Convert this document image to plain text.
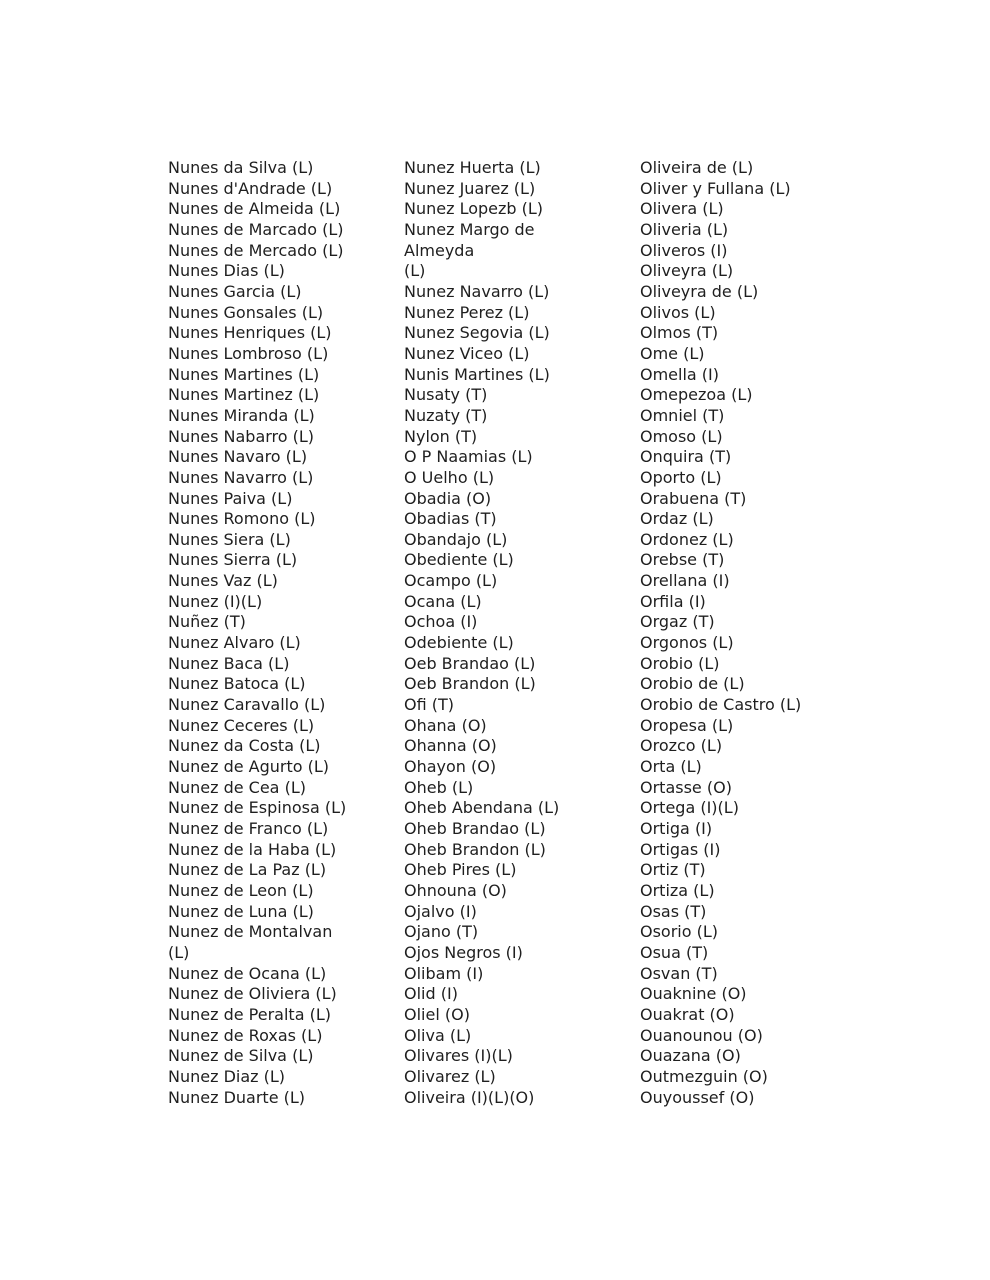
Nunes da Silva (L)
Nunes d'Andrade (L)
Nunes de Almeida (L)
Nunes de Marcado (L)
Nunes de Mercado (L)
Nunes Dias (L)
Nunes Garcia (L)
Nunes Gonsales (L)
Nunes Henriques (L)
Nunes Lombroso (L)
Nunes Martines (L)
Nunes Martinez (L)
Nunes Miranda (L)
Nunes Nabarro (L)
Nunes Navaro (L)
Nunes Navarro (L)
Nunes Paiva (L)
Nunes Romono (L)
Nunes Siera (L)
Nunes Sierra (L)
Nunes Vaz (L)
Nunez (I)(L)
Nuñez (T)
Nunez Alvaro (L)
Nunez Baca (L)
Nunez Batoca (L)
Nunez Caravallo (L)
Nunez Ceceres (L)
Nunez da Costa (L)
Nunez de Agurto (L)
Nunez de Cea (L)
Nunez de Espinosa (L)
Nunez de Franco (L)
Nunez de la Haba (L)
Nunez de La Paz (L)
Nunez de Leon (L)
Nunez de Luna (L)
Nunez de Montalvan
(L)
Nunez de Ocana (L)
Nunez de Oliviera (L)
Nunez de Peralta (L)
Nunez de Roxas (L)
Nunez de Silva (L)
Nunez Diaz (L)
Nunez Duarte (L)
Nunez Huerta (L)
Nunez Juarez (L)
Nunez Lopezb (L)
Nunez Margo de
Almeyda
(L)
Nunez Navarro (L)
Nunez Perez (L)
Nunez Segovia (L)
Nunez Viceo (L)
Nunis Martines (L)
Nusaty (T)
Nuzaty (T)
Nylon (T)
O P Naamias (L)
O Uelho (L)
Obadia (O)
Obadias (T)
Obandajo (L)
Obediente (L)
Ocampo (L)
Ocana (L)
Ochoa (I)
Odebiente (L)
Oeb Brandao (L)
Oeb Brandon (L)
Ofi (T)
Ohana (O)
Ohanna (O)
Ohayon (O)
Oheb (L)
Oheb Abendana (L)
Oheb Brandao (L)
Oheb Brandon (L)
Oheb Pires (L)
Ohnouna (O)
Ojalvo (I)
Ojano (T)
Ojos Negros (I)
Olibam (I)
Olid (I)
Oliel (O)
Oliva (L)
Olivares (I)(L)
Olivarez (L)
Oliveira (I)(L)(O)
Oliveira de (L)
Oliver y Fullana (L)
Olivera (L)
Oliveria (L)
Oliveros (I)
Oliveyra (L)
Oliveyra de (L)
Olivos (L)
Olmos (T)
Ome (L)
Omella (I)
Omepezoa (L)
Omniel (T)
Omoso (L)
Onquira (T)
Oporto (L)
Orabuena (T)
Ordaz (L)
Ordonez (L)
Orebse (T)
Orellana (I)
Orfila (I)
Orgaz (T)
Orgonos (L)
Orobio (L)
Orobio de (L)
Orobio de Castro (L)
Oropesa (L)
Orozco (L)
Orta (L)
Ortasse (O)
Ortega (I)(L)
Ortiga (I)
Ortigas (I)
Ortiz (T)
Ortiza (L)
Osas (T)
Osorio (L)
Osua (T)
Osvan (T)
Ouaknine (O)
Ouakrat (O)
Ouanounou (O)
Ouazana (O)
Outmezguin (O)
Ouyoussef (O)
